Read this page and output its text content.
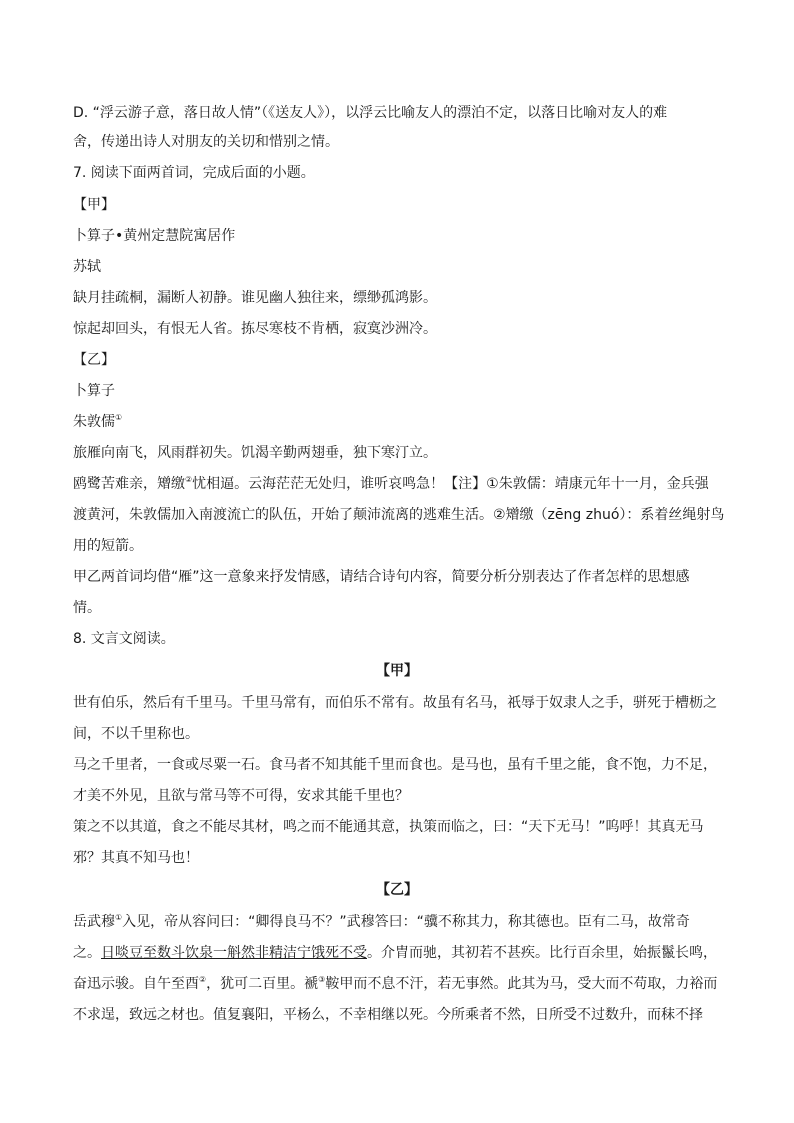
D. “浮云游子意，落日故人情”（《送友人》），以浮云比喻友人的漂泊不定，以落日比喻对友人的难
舍，传递出诗人对朋友的关切和惜别之情。
7. 阅读下面两首词，完成后面的小题。
【甲】
卜算子•黄州定慧院寓居作
苏轼
缺月挂疏桐，漏断人初静。谁见幽人独往来，缥缈孤鸿影。
惊起却回头，有恨无人省。拣尽寒枝不肯栖，寂寞沙洲冷。
【乙】
卜算子
朱敦儒①
旅雁向南飞，风雨群初失。饥渴辛勤两翅垂，独下寒汀立。
鸥鹭苦难亲，矰缴②忧相逼。云海茫茫无处归，谁听哀鸣急！【注】①朱敦儒：靖康元年十一月，金兵强
渡黄河，朱敦儒加入南渡流亡的队伍，开始了颠沛流离的逃难生活。②矰缴（zēng zhuó）：系着丝绳射鸟
用的短箭。
甲乙两首词均借“雁”这一意象来抒发情感，请结合诗句内容，简要分析分别表达了作者怎样的思想感
情。
8. 文言文阅读。
【甲】
世有伯乐，然后有千里马。千里马常有，而伯乐不常有。故虽有名马，祇辱于奴隶人之手，骈死于槽枥之
间，不以千里称也。
马之千里者，一食或尽粟一石。食马者不知其能千里而食也。是马也，虽有千里之能，食不饱，力不足，
才美不外见，且欲与常马等不可得，安求其能千里也？
策之不以其道，食之不能尽其材，鸣之而不能通其意，执策而临之，曰：“天下无马！”呜呼！其真无马
邪？其真不知马也！
【乙】
岳武穆①入见，帝从容问曰：“卿得良马不？”武穆答曰：“骥不称其力，称其德也。臣有二马，故常奇
之。日啖豆至数斗饮泉一斛然非精洁宁饿死不受。介胄而驰，其初若不甚疾。比行百余里，始振鬣长鸣，
奋迅示骏。自午至酉②，犹可二百里。褫③鞍甲而不息不汗，若无事然。此其为马，受大而不苟取，力裕而
不求逞，致远之材也。值复襄阳，平杨么，不幸相继以死。今所乘者不然，日所受不过数升，而秣不择
